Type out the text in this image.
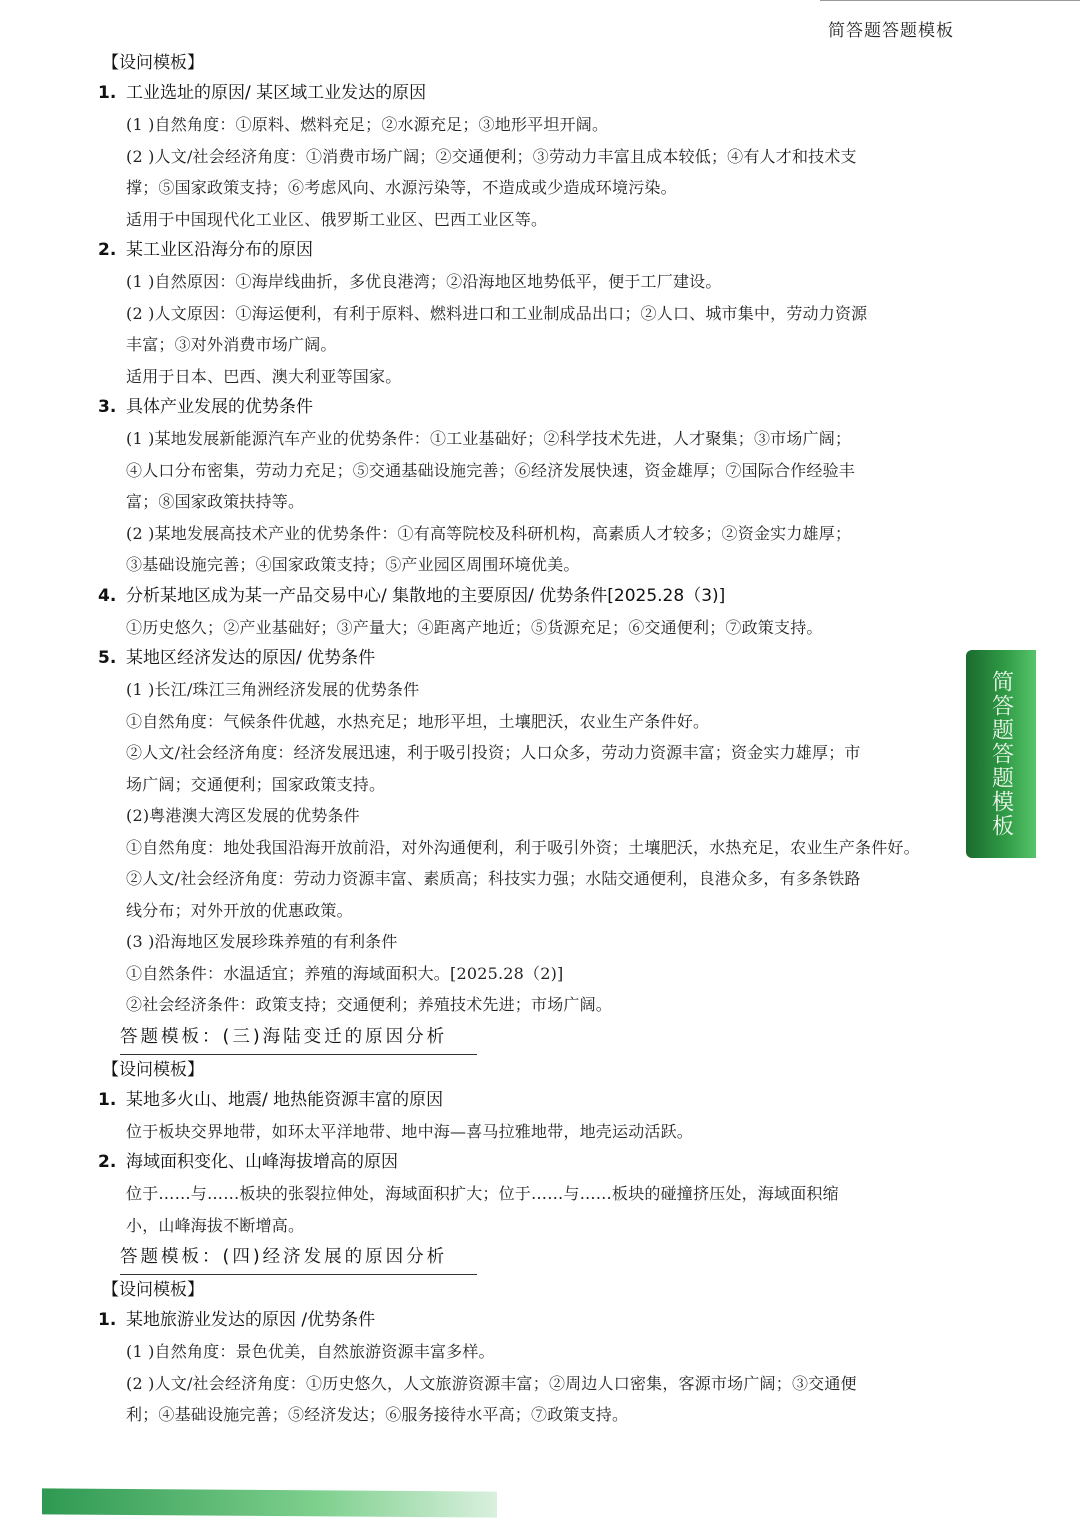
简答题答题模板
【设问模板】
1. 工业选址的原因/ 某区域工业发达的原因
(1 )自然角度：①原料、燃料充足；②水源充足；③地形平坦开阔。
(2 )人文/社会经济角度：①消费市场广阔；②交通便利；③劳动力丰富且成本较低；④有人才和技术支
撑；⑤国家政策支持；⑥考虑风向、水源污染等，不造成或少造成环境污染。
适用于中国现代化工业区、俄罗斯工业区、巴西工业区等。
2. 某工业区沿海分布的原因
(1 )自然原因：①海岸线曲折，多优良港湾；②沿海地区地势低平，便于工厂建设。
(2 )人文原因：①海运便利，有利于原料、燃料进口和工业制成品出口；②人口、城市集中，劳动力资源
丰富；③对外消费市场广阔。
适用于日本、巴西、澳大利亚等国家。
3. 具体产业发展的优势条件
(1 )某地发展新能源汽车产业的优势条件：①工业基础好；②科学技术先进，人才聚集；③市场广阔；
④人口分布密集，劳动力充足；⑤交通基础设施完善；⑥经济发展快速，资金雄厚；⑦国际合作经验丰
富；⑧国家政策扶持等。
(2 )某地发展高技术产业的优势条件：①有高等院校及科研机构，高素质人才较多；②资金实力雄厚；
③基础设施完善；④国家政策支持；⑤产业园区周围环境优美。
4. 分析某地区成为某一产品交易中心/ 集散地的主要原因/ 优势条件[2025.28（3)]
①历史悠久；②产业基础好；③产量大；④距离产地近；⑤货源充足；⑥交通便利；⑦政策支持。
5. 某地区经济发达的原因/ 优势条件
(1 )长江/珠江三角洲经济发展的优势条件
①自然角度：气候条件优越，水热充足；地形平坦，土壤肥沃，农业生产条件好。
②人文/社会经济角度：经济发展迅速，利于吸引投资；人口众多，劳动力资源丰富；资金实力雄厚；市
场广阔；交通便利；国家政策支持。
(2)粤港澳大湾区发展的优势条件
①自然角度：地处我国沿海开放前沿，对外沟通便利，利于吸引外资；土壤肥沃，水热充足，农业生产条件好。
②人文/社会经济角度：劳动力资源丰富、素质高；科技实力强；水陆交通便利，良港众多，有多条铁路
线分布；对外开放的优惠政策。
(3 )沿海地区发展珍珠养殖的有利条件
①自然条件：水温适宜；养殖的海域面积大。[2025.28（2)]
②社会经济条件：政策支持；交通便利；养殖技术先进；市场广阔。
答题模板：(三)海陆变迁的原因分析
【设问模板】
1. 某地多火山、地震/ 地热能资源丰富的原因
位于板块交界地带，如环太平洋地带、地中海—喜马拉雅地带，地壳运动活跃。
2. 海域面积变化、山峰海拔增高的原因
位于……与……板块的张裂拉伸处，海域面积扩大；位于……与……板块的碰撞挤压处，海域面积缩
小，山峰海拔不断增高。
答题模板：(四)经济发展的原因分析
【设问模板】
1. 某地旅游业发达的原因 /优势条件
(1 )自然角度：景色优美，自然旅游资源丰富多样。
(2 )人文/社会经济角度：①历史悠久，人文旅游资源丰富；②周边人口密集，客源市场广阔；③交通便
利；④基础设施完善；⑤经济发达；⑥服务接待水平高；⑦政策支持。
简答题答题模板
